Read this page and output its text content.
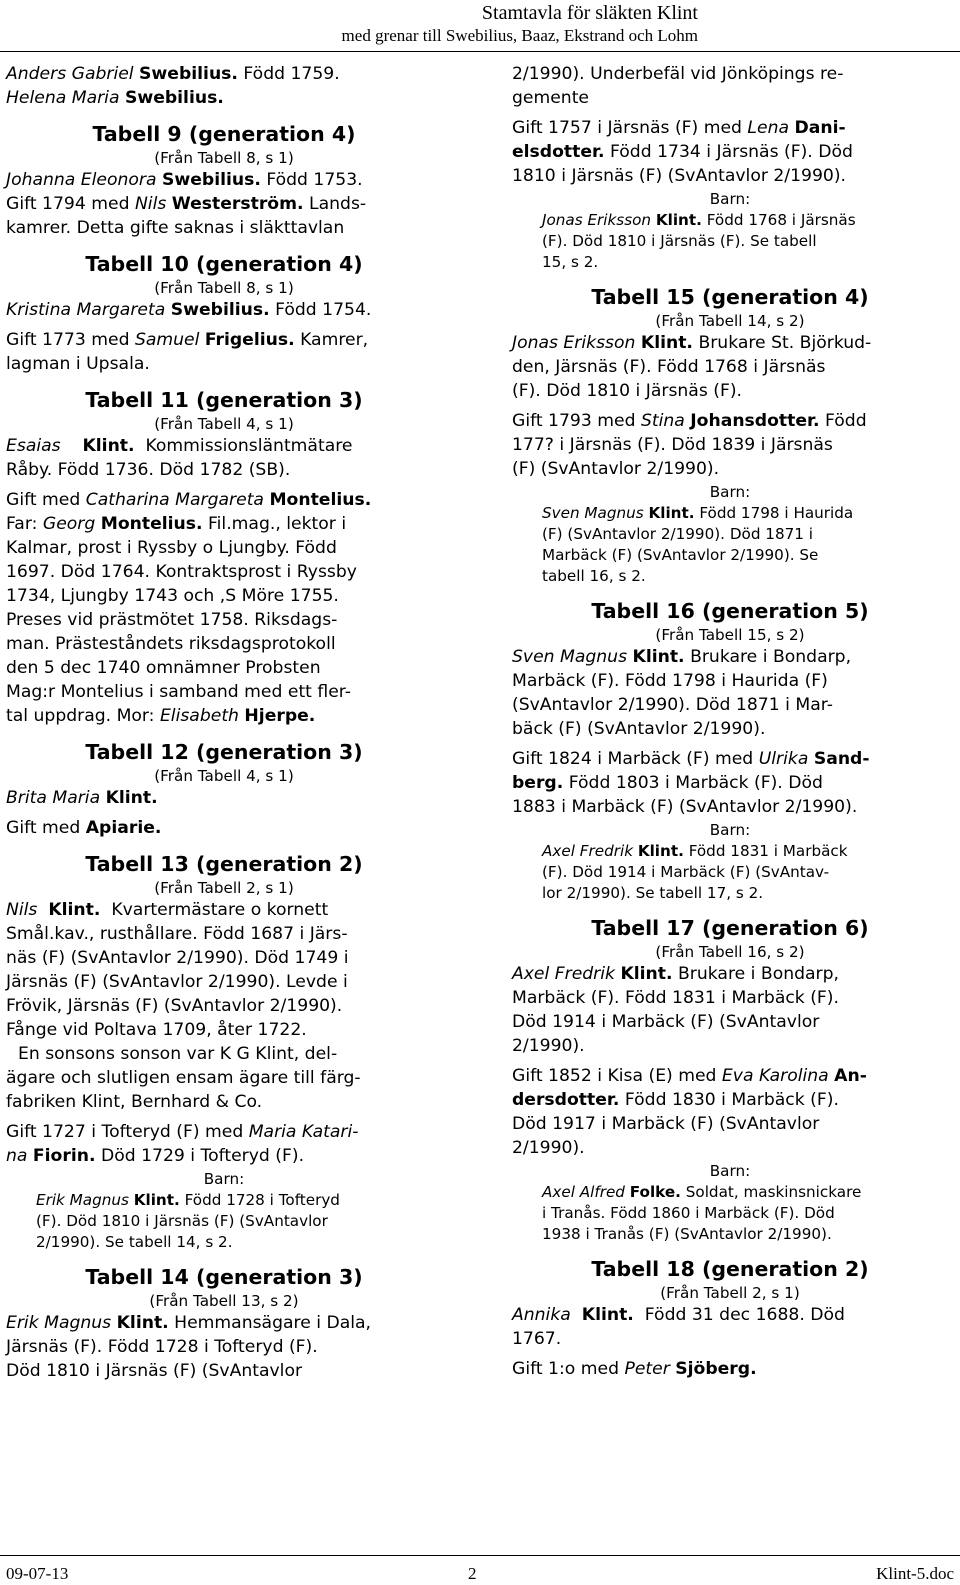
Stamtavla för släkten Klint
med grenar till Swebilius, Baaz, Ekstrand och Lohm
Anders Gabriel Swebilius. Född 1759.
Helena Maria Swebilius.
Tabell 9 (generation 4)
(Från Tabell 8, s 1)
Johanna Eleonora Swebilius. Född 1753.
Gift 1794 med Nils Westerström. Lands-
kamrer. Detta gifte saknas i släkttavlan
Tabell 10 (generation 4)
(Från Tabell 8, s 1)
Kristina Margareta Swebilius. Född 1754.
Gift 1773 med Samuel Frigelius. Kamrer,
lagman i Upsala.
Tabell 11 (generation 3)
(Från Tabell 4, s 1)
Esaias Klint. Kommissionsläntmätare
Råby. Född 1736. Död 1782 (SB).
Gift med Catharina Margareta Montelius.
Far: Georg Montelius. Fil.mag., lektor i
Kalmar, prost i Ryssby o Ljungby. Född
1697. Död 1764. Kontraktsprost i Ryssby
1734, Ljungby 1743 och ,S Möre 1755.
Preses vid prästmötet 1758. Riksdags-
man. Prästeståndets riksdagsprotokoll
den 5 dec 1740 omnämner Probsten
Mag:r Montelius i samband med ett fler-
tal uppdrag. Mor: Elisabeth Hjerpe.
Tabell 12 (generation 3)
(Från Tabell 4, s 1)
Brita Maria Klint.
Gift med Apiarie.
Tabell 13 (generation 2)
(Från Tabell 2, s 1)
Nils Klint. Kvartermästare o kornett
Smål.kav., rusthållare. Född 1687 i Järs-
näs (F) (SvAntavlor 2/1990). Död 1749 i
Järsnäs (F) (SvAntavlor 2/1990). Levde i
Frövik, Järsnäs (F) (SvAntavlor 2/1990).
Fånge vid Poltava 1709, åter 1722.
En sonsons sonson var K G Klint, del-
ägare och slutligen ensam ägare till färg-
fabriken Klint, Bernhard & Co.
Gift 1727 i Tofteryd (F) med Maria Katari-
na Fiorin. Död 1729 i Tofteryd (F).
Barn:
Erik Magnus Klint. Född 1728 i Tofteryd
(F). Död 1810 i Järsnäs (F) (SvAntavlor
2/1990). Se tabell 14, s 2.
Tabell 14 (generation 3)
(Från Tabell 13, s 2)
Erik Magnus Klint. Hemmansägare i Dala,
Järsnäs (F). Född 1728 i Tofteryd (F).
Död 1810 i Järsnäs (F) (SvAntavlor
2/1990). Underbefäl vid Jönköpings re-
gemente
Gift 1757 i Järsnäs (F) med Lena Dani-
elsdotter. Född 1734 i Järsnäs (F). Död
1810 i Järsnäs (F) (SvAntavlor 2/1990).
Barn:
Jonas Eriksson Klint. Född 1768 i Järsnäs
(F). Död 1810 i Järsnäs (F). Se tabell
15, s 2.
Tabell 15 (generation 4)
(Från Tabell 14, s 2)
Jonas Eriksson Klint. Brukare St. Björkud-
den, Järsnäs (F). Född 1768 i Järsnäs
(F). Död 1810 i Järsnäs (F).
Gift 1793 med Stina Johansdotter. Född
177? i Järsnäs (F). Död 1839 i Järsnäs
(F) (SvAntavlor 2/1990).
Barn:
Sven Magnus Klint. Född 1798 i Haurida
(F) (SvAntavlor 2/1990). Död 1871 i
Marbäck (F) (SvAntavlor 2/1990). Se
tabell 16, s 2.
Tabell 16 (generation 5)
(Från Tabell 15, s 2)
Sven Magnus Klint. Brukare i Bondarp,
Marbäck (F). Född 1798 i Haurida (F)
(SvAntavlor 2/1990). Död 1871 i Mar-
bäck (F) (SvAntavlor 2/1990).
Gift 1824 i Marbäck (F) med Ulrika Sand-
berg. Född 1803 i Marbäck (F). Död
1883 i Marbäck (F) (SvAntavlor 2/1990).
Barn:
Axel Fredrik Klint. Född 1831 i Marbäck
(F). Död 1914 i Marbäck (F) (SvAntav-
lor 2/1990). Se tabell 17, s 2.
Tabell 17 (generation 6)
(Från Tabell 16, s 2)
Axel Fredrik Klint. Brukare i Bondarp,
Marbäck (F). Född 1831 i Marbäck (F).
Död 1914 i Marbäck (F) (SvAntavlor
2/1990).
Gift 1852 i Kisa (E) med Eva Karolina An-
dersdotter. Född 1830 i Marbäck (F).
Död 1917 i Marbäck (F) (SvAntavlor
2/1990).
Barn:
Axel Alfred Folke. Soldat, maskinsnickare
i Tranås. Född 1860 i Marbäck (F). Död
1938 i Tranås (F) (SvAntavlor 2/1990).
Tabell 18 (generation 2)
(Från Tabell 2, s 1)
Annika Klint. Född 31 dec 1688. Död
1767.
Gift 1:o med Peter Sjöberg.
09-07-13	2	Klint-5.doc
